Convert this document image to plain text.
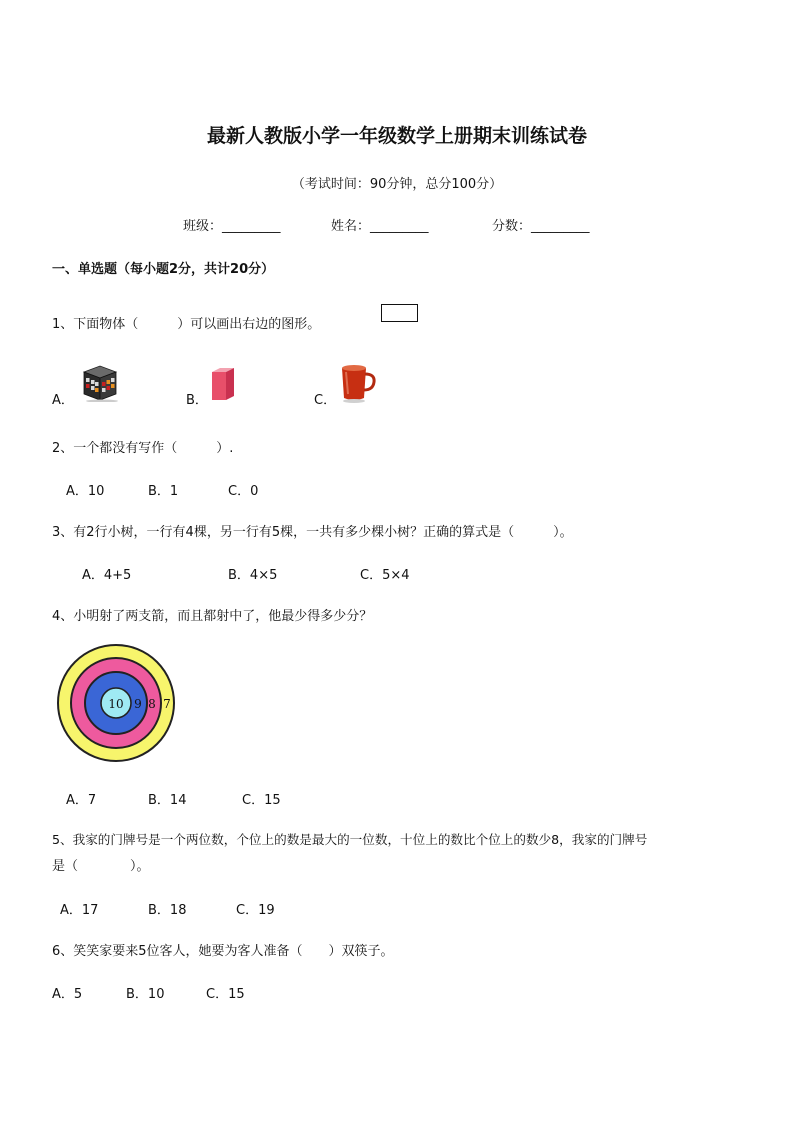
最新人教版小学一年级数学上册期末训练试卷
（考试时间：90分钟，总分100分）
班级：_________	姓名：_________	分数：_________
一、单选题（每小题2分，共计20分）
1、下面物体（　　　）可以画出右边的图形。
A．	B．	C．
2、一个都没有写作（　　　）.
A．10	B．1	C．0
3、有2行小树，一行有4棵，另一行有5棵，一共有多少棵小树？正确的算式是（　　　）。
A．4+5	B．4×5	C．5×4
4、小明射了两支箭，而且都射中了，他最少得多少分？
10 9 8 7
A．7	B．14	C．15
5、我家的门牌号是一个两位数，个位上的数是最大的一位数，十位上的数比个位上的数少8，我家的门牌号
是（　　　　）。
A．17	B．18	C．19
6、笑笑家要来5位客人，她要为客人准备（　　）双筷子。
A．5	B．10	C．15
